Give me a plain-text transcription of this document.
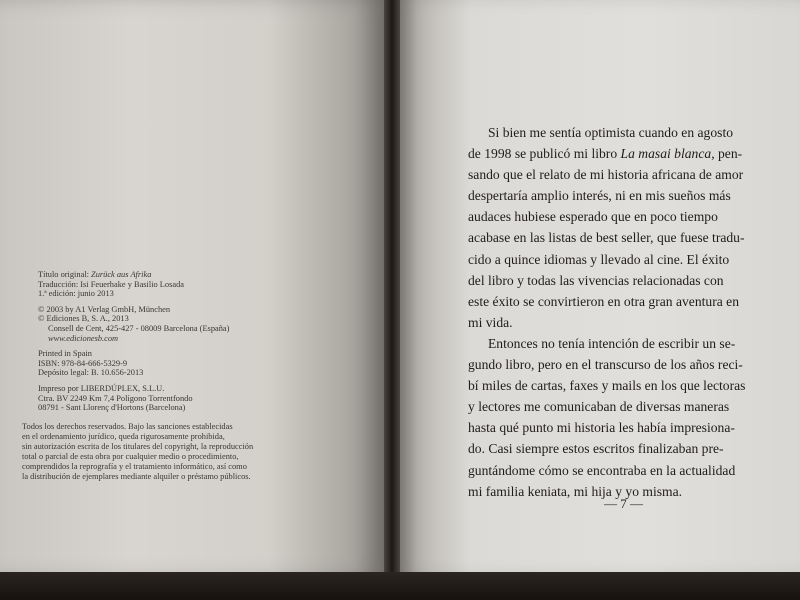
Título original: Zurück aus Afrika
Traducción: Isi Feuerhake y Basilio Losada
1.ª edición: junio 2013
© 2003 by A1 Verlag GmbH, München
© Ediciones B, S. A., 2013
Consell de Cent, 425-427 - 08009 Barcelona (España)
www.edicionesb.com
Printed in Spain
ISBN: 978-84-666-5329-9
Depósito legal: B. 10.656-2013
Impreso por LIBERDÚPLEX, S.L.U.
Ctra. BV 2249 Km 7,4 Polígono Torrentfondo
08791 - Sant Llorenç d'Hortons (Barcelona)
Todos los derechos reservados. Bajo las sanciones establecidas
en el ordenamiento jurídico, queda rigurosamente prohibida,
sin autorización escrita de los titulares del copyright, la reproducción
total o parcial de esta obra por cualquier medio o procedimiento,
comprendidos la reprografía y el tratamiento informático, así como
la distribución de ejemplares mediante alquiler o préstamo públicos.
Si bien me sentía optimista cuando en agosto
de 1998 se publicó mi libro La masai blanca, pen-
sando que el relato de mi historia africana de amor
despertaría amplio interés, ni en mis sueños más
audaces hubiese esperado que en poco tiempo
acabase en las listas de best seller, que fuese tradu-
cido a quince idiomas y llevado al cine. El éxito
del libro y todas las vivencias relacionadas con
este éxito se convirtieron en otra gran aventura en
mi vida.
Entonces no tenía intención de escribir un se-
gundo libro, pero en el transcurso de los años reci-
bí miles de cartas, faxes y mails en los que lectoras
y lectores me comunicaban de diversas maneras
hasta qué punto mi historia les había impresiona-
do. Casi siempre estos escritos finalizaban pre-
guntándome cómo se encontraba en la actualidad
mi familia keniata, mi hija y yo misma.
— 7 —
